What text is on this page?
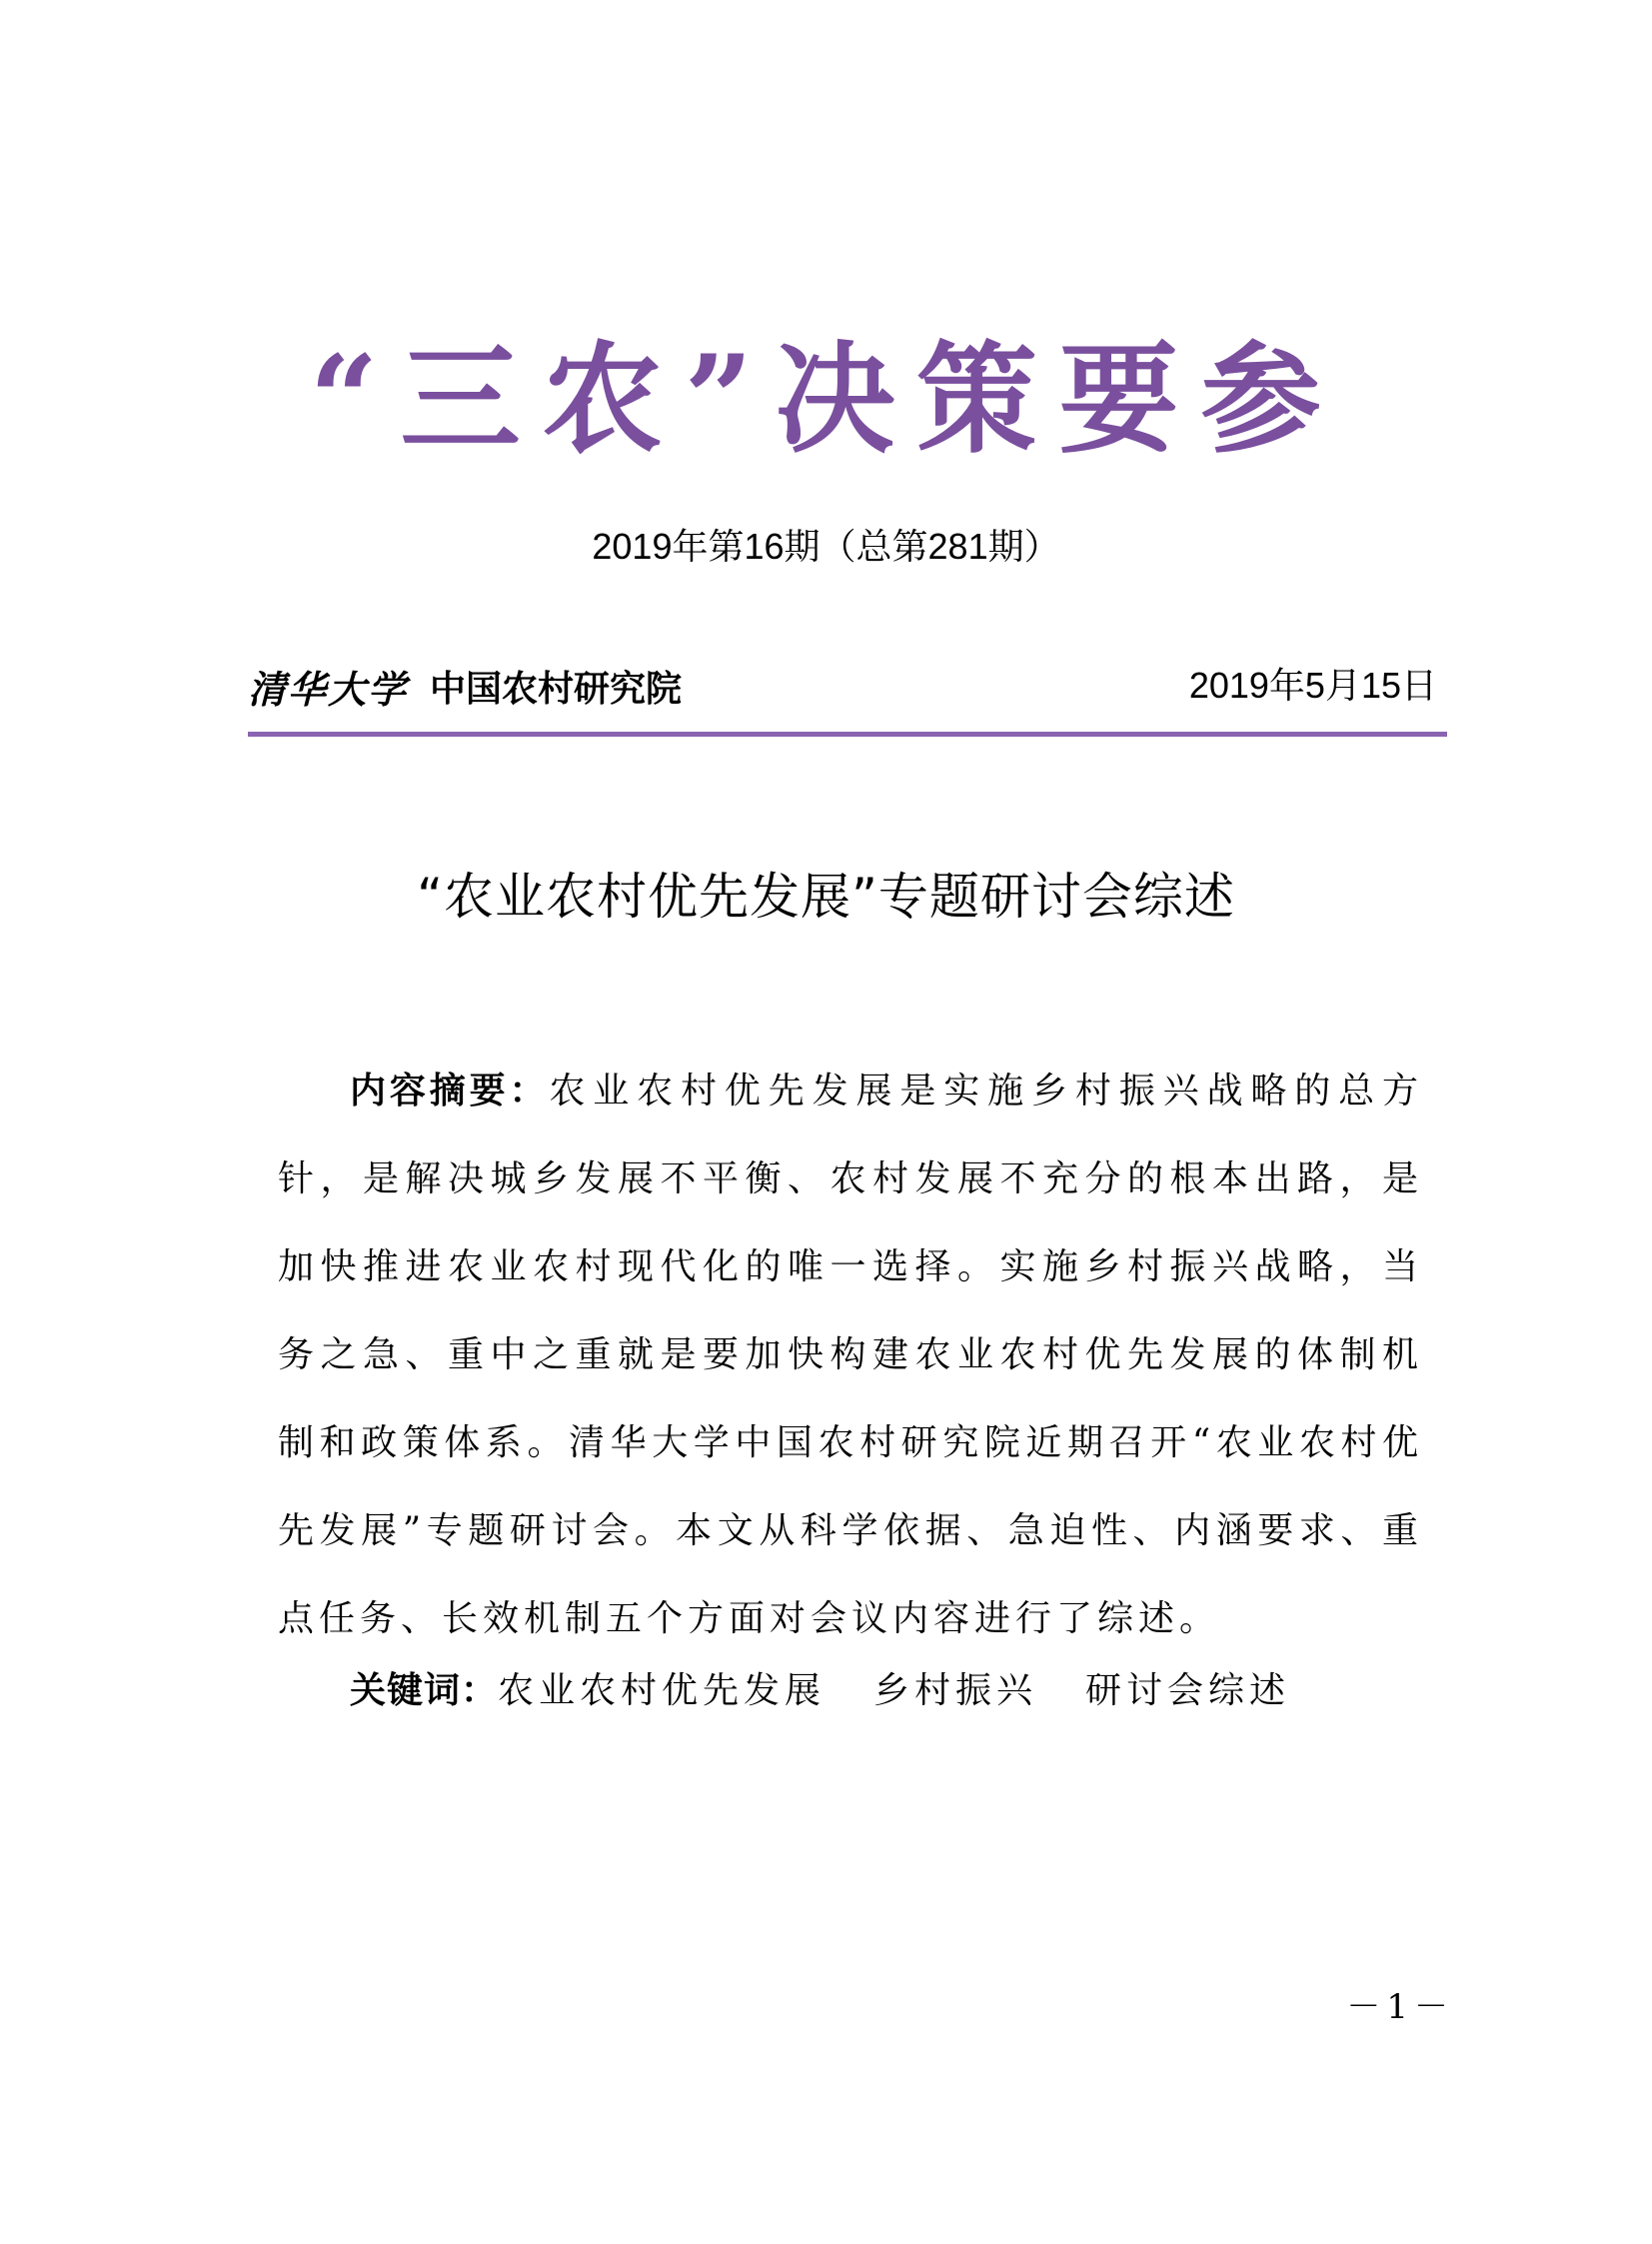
“三农”决策要参
2019年第16期（总第281期）
清华大学 中国农村研究院	2019年5月15日
“农业农村优先发展”专题研讨会综述

内容摘要：农业农村优先发展是实施乡村振兴战略的总方针，是解决城乡发展不平衡、农村发展不充分的根本出路，是加快推进农业农村现代化的唯一选择。实施乡村振兴战略，当务之急、重中之重就是要加快构建农业农村优先发展的体制机制和政策体系。清华大学中国农村研究院近期召开“农业农村优先发展”专题研讨会。本文从科学依据、急迫性、内涵要求、重点任务、长效机制五个方面对会议内容进行了综述。

关键词：农业农村优先发展 乡村振兴 研讨会综述
－1－
